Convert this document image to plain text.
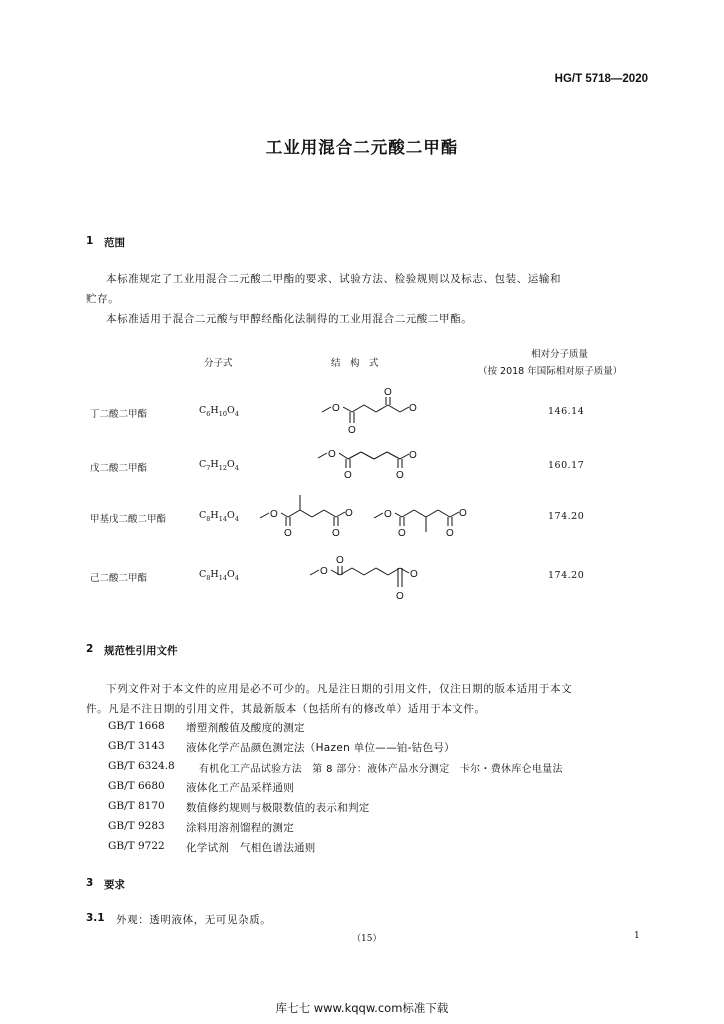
HG/T 5718—2020
工业用混合二元酸二甲酯
1 范围
本标准规定了工业用混合二元酸二甲酯的要求、试验方法、检验规则以及标志、包装、运输和
贮存。
本标准适用于混合二元酸与甲醇经酯化法制得的工业用混合二元酸二甲酯。
分子式	结　构　式
相对分子质量
（按 2018 年国际相对原子质量）
丁二酸二甲酯	$C_6H_{10}O_4$	146.14
戊二酸二甲酯	$C_7H_{12}O_4$	160.17
甲基戊二酸二甲酯	$C_8H_{14}O_4$	174.20
己二酸二甲酯	$C_8H_{14}O_4$	174.20
O	O
O
O
O	O
O	O
O	O
O	O
O	O
O	O
O	O
O
O
2 规范性引用文件
下列文件对于本文件的应用是必不可少的。凡是注日期的引用文件，仅注日期的版本适用于本文
件。凡是不注日期的引用文件，其最新版本（包括所有的修改单）适用于本文件。
GB/T 1668 增塑剂酸值及酸度的测定
GB/T 3143 液体化学产品颜色测定法（Hazen 单位——铂-钴色号）
GB/T 6324.8 有机化工产品试验方法　第 8 部分：液体产品水分测定　卡尔・费休库仑电量法
GB/T 6680 液体化工产品采样通则
GB/T 8170 数值修约规则与极限数值的表示和判定
GB/T 9283 涂料用溶剂馏程的测定
GB/T 9722 化学试剂　气相色谱法通则
3 要求
3.1 外观：透明液体，无可见杂质。
（15）	1
库七七 www.kqqw.com标准下载
